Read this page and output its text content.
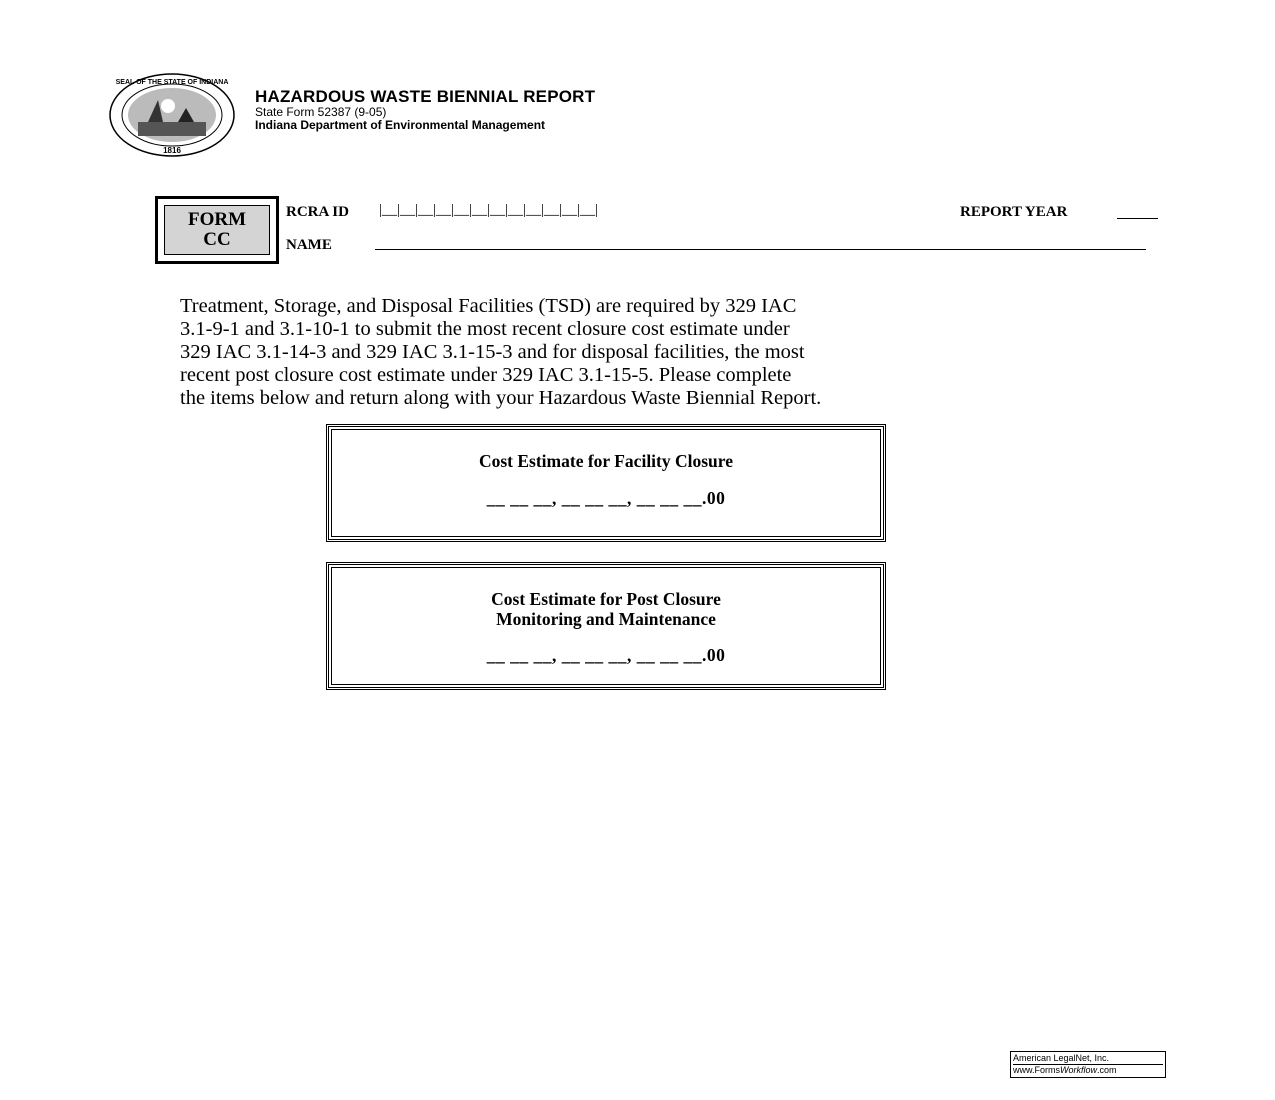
SEAL OF THE STATE OF INDIANA
1816
HAZARDOUS WASTE BIENNIAL REPORT
State Form 52387 (9-05)
Indiana Department of Environmental Management
FORM
CC
RCRA ID |__|__|__|__|__|__|__|__|__|__|__|__|	REPORT YEAR
NAME
Treatment, Storage, and Disposal Facilities (TSD) are required by 329 IAC
3.1-9-1 and 3.1-10-1 to submit the most recent closure cost estimate under
329 IAC 3.1-14-3 and 329 IAC 3.1-15-3 and for disposal facilities, the most
recent post closure cost estimate under 329 IAC 3.1-15-5. Please complete
the items below and return along with your Hazardous Waste Biennial Report.
Cost Estimate for Facility Closure
__ __ __, __ __ __, __ __ __.00
Cost Estimate for Post Closure
Monitoring and Maintenance
__ __ __, __ __ __, __ __ __.00
American LegalNet, Inc.
www.FormsWorkflow.com
